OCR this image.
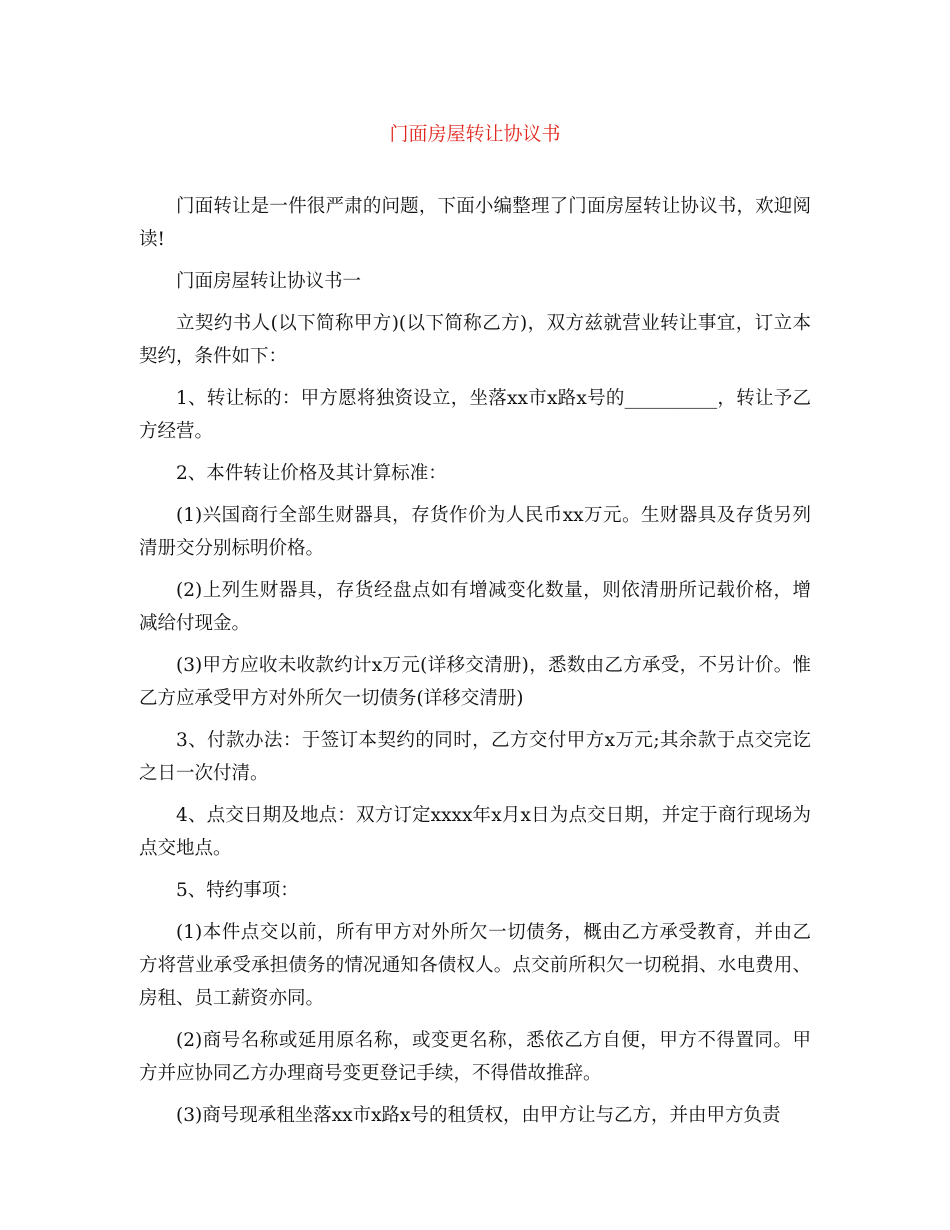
门面房屋转让协议书

门面转让是一件很严肃的问题，下面小编整理了门面房屋转让协议书，欢迎阅读!

门面房屋转让协议书一

立契约书人(以下简称甲方)(以下简称乙方)，双方兹就营业转让事宜，订立本契约，条件如下：

1、转让标的：甲方愿将独资设立，坐落xx市x路x号的__________，转让予乙方经营。

2、本件转让价格及其计算标准：

(1)兴国商行全部生财器具，存货作价为人民币xx万元。生财器具及存货另列清册交分别标明价格。

(2)上列生财器具，存货经盘点如有增减变化数量，则依清册所记载价格，增减给付现金。

(3)甲方应收未收款约计x万元(详移交清册)，悉数由乙方承受，不另计价。惟乙方应承受甲方对外所欠一切债务(详移交清册)

3、付款办法：于签订本契约的同时，乙方交付甲方x万元;其余款于点交完讫之日一次付清。

4、点交日期及地点：双方订定xxxx年x月x日为点交日期，并定于商行现场为点交地点。

5、特约事项：

(1)本件点交以前，所有甲方对外所欠一切债务，概由乙方承受教育，并由乙方将营业承受承担债务的情况通知各债权人。点交前所积欠一切税捐、水电费用、房租、员工薪资亦同。

(2)商号名称或延用原名称，或变更名称，悉依乙方自便，甲方不得置同。甲方并应协同乙方办理商号变更登记手续，不得借故推辞。

(3)商号现承租坐落xx市x路x号的租赁权，由甲方让与乙方，并由甲方负责
